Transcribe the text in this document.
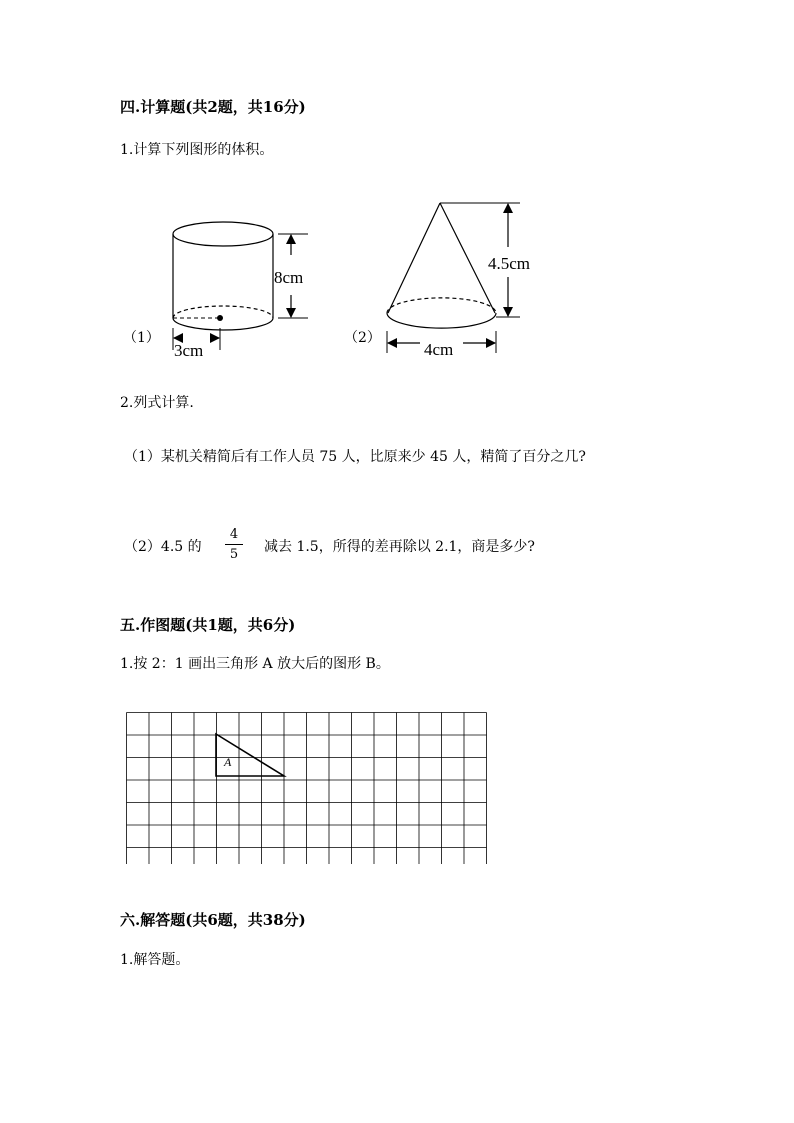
四.计算题(共2题，共16分)
1.计算下列图形的体积。
（1）
8cm
3cm
（2）
4.5cm
4cm
2.列式计算.
（1）某机关精简后有工作人员 75 人，比原来少 45 人，精简了百分之几?
（2）4.5 的
4
5	减去 1.5，所得的差再除以 2.1，商是多少?
五.作图题(共1题，共6分)
1.按 2：1 画出三角形 A 放大后的图形 B。
A
六.解答题(共6题，共38分)
1.解答题。
